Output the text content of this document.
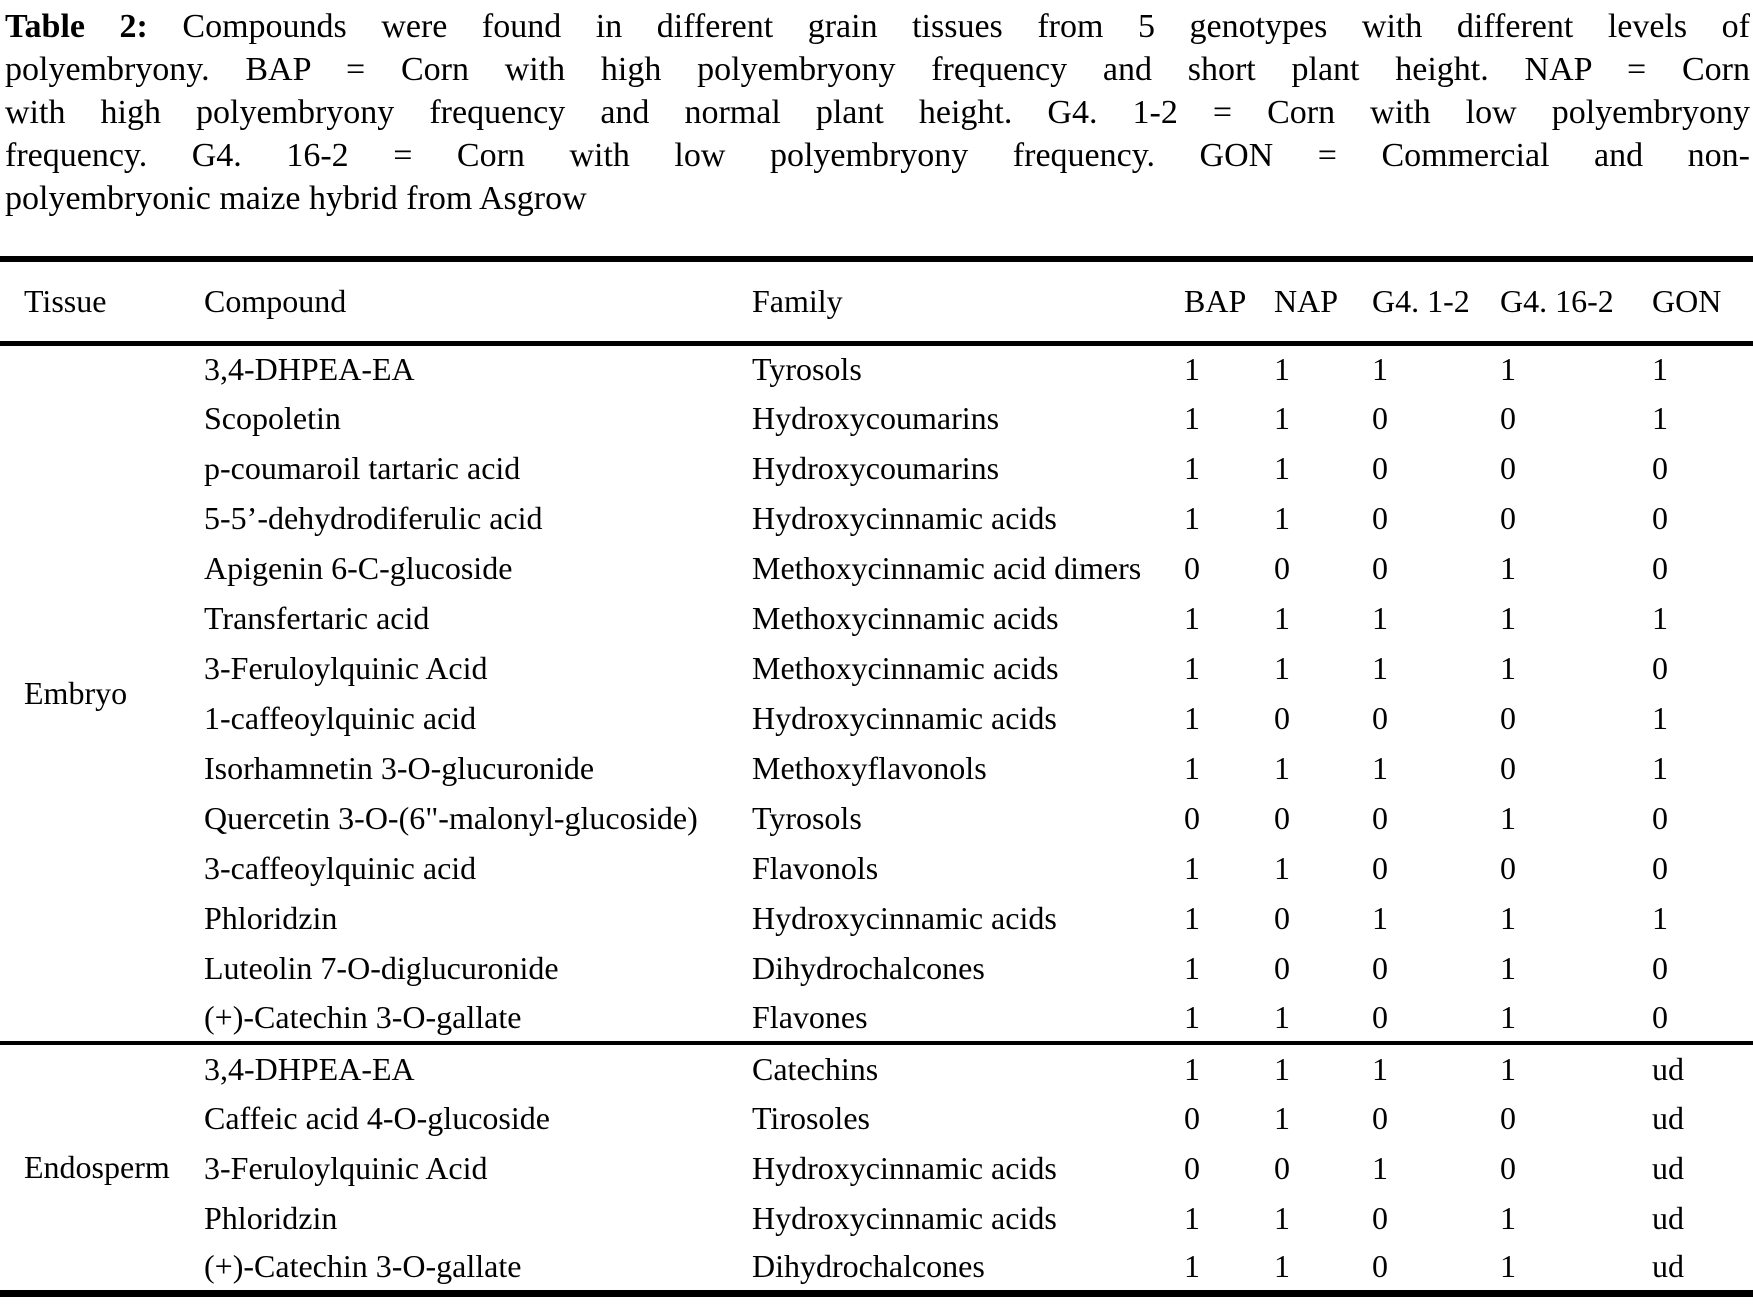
Table 2: Compounds were found in different grain tissues from 5 genotypes with different levels of
polyembryony. BAP = Corn with high polyembryony frequency and short plant height. NAP = Corn
with high polyembryony frequency and normal plant height. G4. 1-2 = Corn with low polyembryony
frequency. G4. 16-2 = Corn with low polyembryony frequency. GON = Commercial and non-
polyembryonic maize hybrid from Asgrow

Tissue	Compound	Family	BAP	NAP	G4. 1-2	G4. 16-2	GON
Embryo	3,4-DHPEA-EA	Tyrosols	1	1	1	1	1
	Scopoletin	Hydroxycoumarins	1	1	0	0	1
	p-coumaroil tartaric acid	Hydroxycoumarins	1	1	0	0	0
	5-5’-dehydrodiferulic acid	Hydroxycinnamic acids	1	1	0	0	0
	Apigenin 6-C-glucoside	Methoxycinnamic acid dimers	0	0	0	1	0
	Transfertaric acid	Methoxycinnamic acids	1	1	1	1	1
	3-Feruloylquinic Acid	Methoxycinnamic acids	1	1	1	1	0
	1-caffeoylquinic acid	Hydroxycinnamic acids	1	0	0	0	1
	Isorhamnetin 3-O-glucuronide	Methoxyflavonols	1	1	1	0	1
	Quercetin 3-O-(6"-malonyl-glucoside)	Tyrosols	0	0	0	1	0
	3-caffeoylquinic acid	Flavonols	1	1	0	0	0
	Phloridzin	Hydroxycinnamic acids	1	0	1	1	1
	Luteolin 7-O-diglucuronide	Dihydrochalcones	1	0	0	1	0
	(+)-Catechin 3-O-gallate	Flavones	1	1	0	1	0
Endosperm	3,4-DHPEA-EA	Catechins	1	1	1	1	ud
	Caffeic acid 4-O-glucoside	Tirosoles	0	1	0	0	ud
	3-Feruloylquinic Acid	Hydroxycinnamic acids	0	0	1	0	ud
	Phloridzin	Hydroxycinnamic acids	1	1	0	1	ud
	(+)-Catechin 3-O-gallate	Dihydrochalcones	1	1	0	1	ud
